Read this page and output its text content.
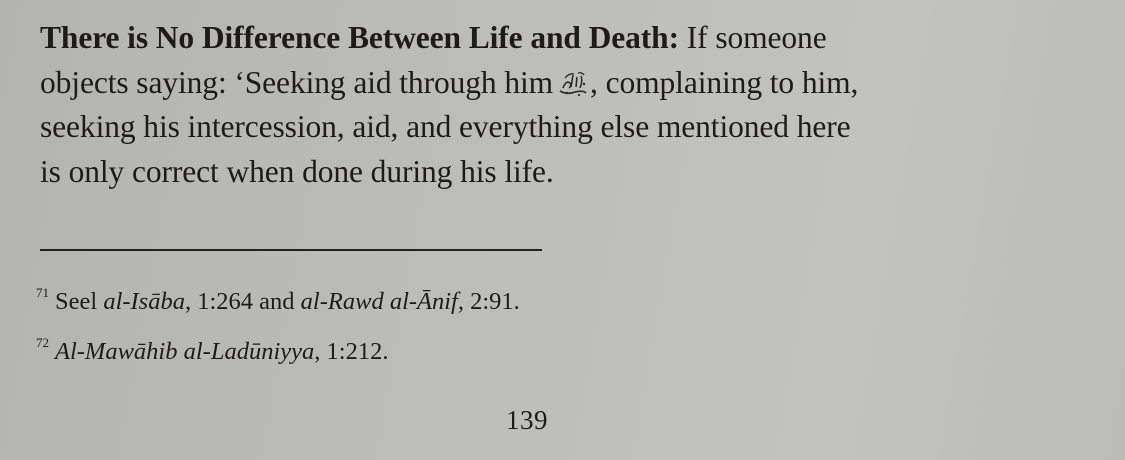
There is No Difference Between Life and Death: If someone
objects saying: ‘Seeking aid through him , complaining to him,
seeking his intercession, aid, and everything else mentioned here
is only correct when done during his life.

$^{71}$ Seel al-Isāba, 1:264 and al-Rawd al-Ānif, 2:91.
$^{72}$ Al-Mawāhib al-Ladūniyya, 1:212.
139
